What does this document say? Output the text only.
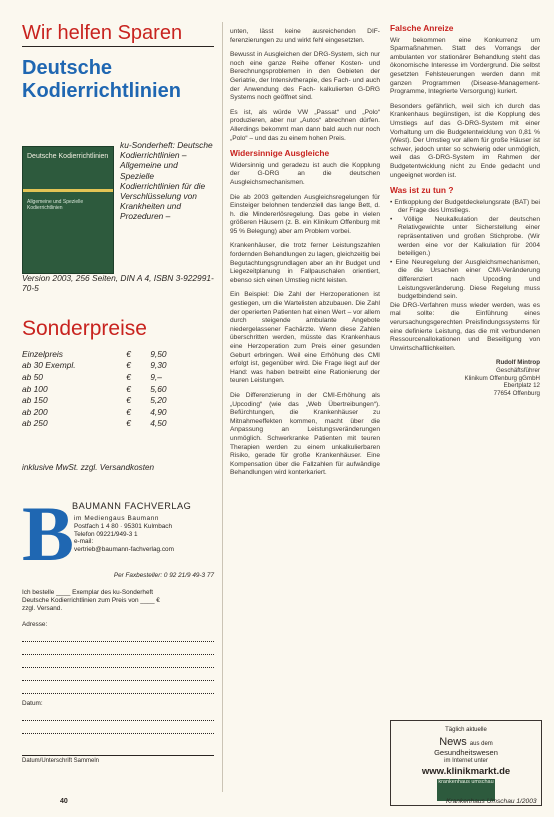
Wir helfen Sparen
Deutsche
Kodierrichtlinien
Deutsche Kodierrichtlinien
Allgemeine und Spezielle Kodierrichtlinien
ku-Sonderheft: Deutsche Kodierrichtlinien – Allgemeine und Spezielle Kodierrichtlinien für die Verschlüsselung von Krankheiten und Prozeduren –
Version 2003, 256 Seiten, DIN A 4, ISBN 3-922991-70-5
Sonderpreise
Einzelpreis	€	9,50
ab 30 Exempl.	€	9,30
ab 50	€	9,–
ab 100	€	5,60
ab 150	€	5,20
ab 200	€	4,90
ab 250	€	4,50
inklusive MwSt. zzgl. Versandkosten
B
BAUMANN FACHVERLAG
im Mediengaus Baumann
Postfach 1 4 80 · 95301 Kulmbach
Telefon 09221/949-3 1
e-mail:
vertrieb@baumann-fachverlag.com
Per Faxbesteller: 0 92 21/9 49-3 77
Ich bestelle ____ Exemplar des ku-Sonderheft
Deutsche Kodierrichtlinien zum Preis von ____ €
zzgl. Versand.
Adresse:
Datum:
Datum/Unterschrift Sammeln

unten, lässt keine ausreichenden DIF-ferenzierungen zu und wirkt fehl eingesetzten.

Bewusst in Ausgleichen der DRG-System, sich nur noch eine ganze Reihe offener Kosten- und Berechnungsproblemen in den Gebieten der Geriatrie, der Intensivtherapie, des Fach- und auch der Anwendung des Fach- kalkulierten G-DRG Systems noch geöffnet sind.

Es ist, als würde VW „Passat“ und „Polo“ produzieren, aber nur „Autos“ abrechnen dürfen. Allerdings bekommt man dann bald auch nur noch „Polo“ – und das zu einem hohen Preis.

Widersinnige Ausgleiche

Widersinnig und geradezu ist auch die Kopplung der G-DRG an die deutschen Ausgleichsmechanismen.

Die ab 2003 geltenden Ausgleichsregelungen für Einsteiger belohnen tendenziell das lange Bett, d. h. die Mindererlösregelung. Das gebe in vielen größeren Häusern (z. B. ein Klinikum Offenburg mit 95 % Belegung) aber am Problem vorbei.

Krankenhäuser, die trotz ferner Leistungszahlen fordernden Behandlungen zu lagen, gleichzeitig bei Begutachtungsgrundlagen aber an ihr Budget und Liegezeitplanung in Fallpauschalen orientiert, ebenso sich einen Umstieg nicht leisten.

Ein Beispiel: Die Zahl der Herzoperationen ist gestiegen, um die Wartelisten abzubauen. Die Zahl der operierten Patienten hat einen Wert – vor allem durch steigende ambulante Angebote niedergelassener Fachärzte. Wenn diese Zahlen überschritten werden, müsste das Krankenhaus eine Herzoperation zum Preis einer gesunden Geburt erbringen. Weil eine Erhöhung des CMI erfolgt ist, gegenüber wird. Die Frage liegt auf der Hand: was haben betreibt eine Rationierung der teuren Leistungen.

Die Differenzierung in der CMI-Erhöhung als „Upcoding“ (wie das „Web Übertreibungen“). Befürchtungen, die Krankenhäuser zu Mitnahmeeffekten kommen, macht über die Anpassung an Leistungsveränderungen unmöglich. Schwerkranke Patienten mit teuren Therapien werden zu einem unkalkulierbaren Risiko, gerade für große Krankenhäuser. Eine Kompensation über die Fallzahlen für aufwändige Behandlungen wird konterkariert.

Falsche Anreize

Wir bekommen eine Konkurrenz um Sparmaßnahmen. Statt des Vorrangs der ambulanten vor stationärer Behandlung steht das ökonomische Interesse im Vordergrund. Die selbst gesetzten Fehlsteuerungen werden dann mit ganzen Programmen (Disease-Management-Programme, Integrierte Versorgung) kuriert.

Besonders gefährlich, weil sich ich durch das Krankenhaus begünstigen, ist die Kopplung des Umstiegs auf das G-DRG-System mit einer Vorhaltung um die Budgetentwicklung von 0,81 % (West). Der Umstieg vor allem für große Häuser ist schwer, jedoch unter so schwierig oder unmöglich, weil das G-DRG-System im Rahmen der Budgetentwicklung nicht zu Ende gedacht und ungeeignet worden ist.

Was ist zu tun ?

• Entkopplung der Budgetdeckelungsrate (BAT) bei der Frage des Umstiegs.

• Völlige Neukalkulation der deutschen Relativgewichte unter Sicherstellung einer repräsentativen und großen Stichprobe. (Wir werden eine vor der Kalkulation für 2004 beteiligen.)

• Eine Neuregelung der Ausgleichsmechanismen, die die Ursachen einer CMI-Veränderung differenziert nach Upcoding und Leistungsveränderung. Diese Regelung muss budgetbindend sein.

Die DRG-Verfahren muss wieder werden, was es mal sollte: die Einführung eines verursachungsgerechten Preisfindungssystems für eine definierte Leistung, das die mit verbundenen Ressourcenallokationen und Beseitigung von Unwirtschaftlichkeiten.

Rudolf Mintrop
Geschäftsführer
Klinikum Offenburg gGmbH
Ebertplatz 12
77654 Offenburg
Täglich aktuelle
News aus dem
Gesundheitswesen
im Internet unter
www.klinikmarkt.de
krankenhaus umschau
40	Krankenhaus Umschau 1/2003
